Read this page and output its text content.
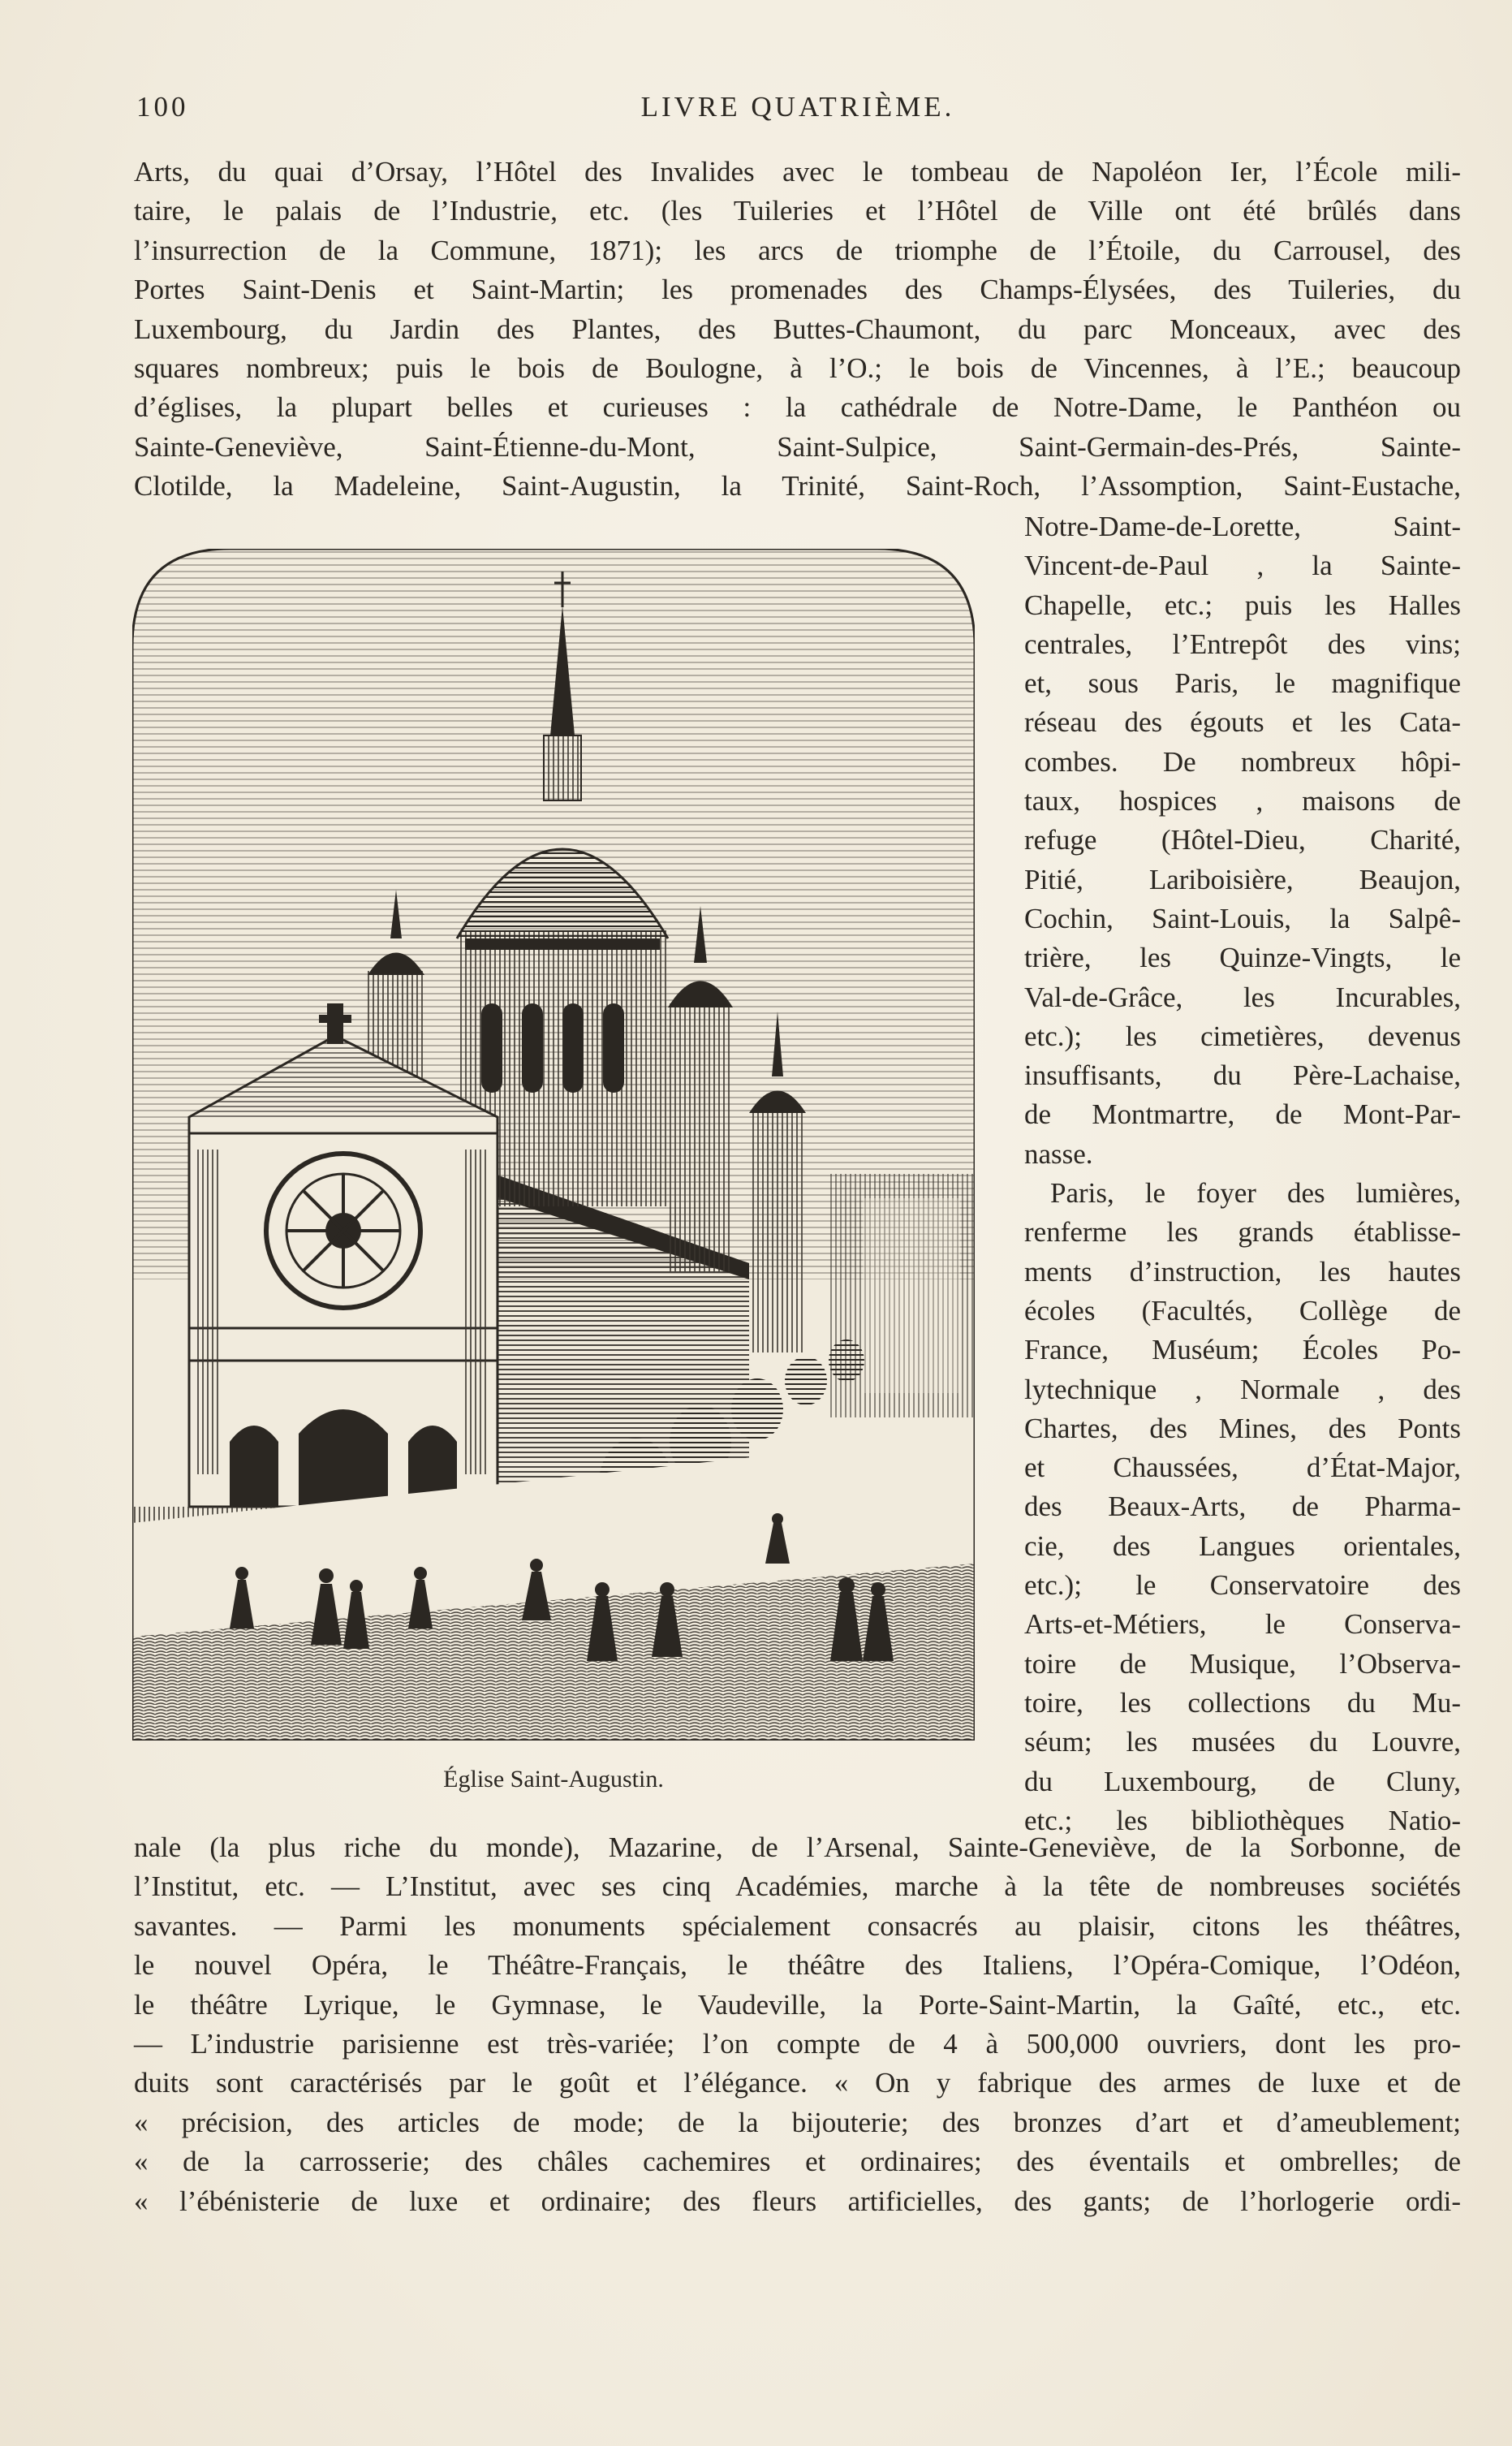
100	LIVRE QUATRIÈME.
Arts, du quai d’Orsay, l’Hôtel des Invalides avec le tombeau de Napoléon Ier, l’École mili-
taire, le palais de l’Industrie, etc. (les Tuileries et l’Hôtel de Ville ont été brûlés dans
l’insurrection de la Commune, 1871); les arcs de triomphe de l’Étoile, du Carrousel, des
Portes Saint-Denis et Saint-Martin; les promenades des Champs-Élysées, des Tuileries, du
Luxembourg, du Jardin des Plantes, des Buttes-Chaumont, du parc Monceaux, avec des
squares nombreux; puis le bois de Boulogne, à l’O.; le bois de Vincennes, à l’E.; beaucoup
d’églises, la plupart belles et curieuses : la cathédrale de Notre-Dame, le Panthéon ou
Sainte-Geneviève, Saint-Étienne-du-Mont, Saint-Sulpice, Saint-Germain-des-Prés, Sainte-
Clotilde, la Madeleine, Saint-Augustin, la Trinité, Saint-Roch, l’Assomption, Saint-Eustache,
Église Saint-Augustin.
Notre-Dame-de-Lorette, Saint-
Vincent-de-Paul , la Sainte-
Chapelle, etc.; puis les Halles
centrales, l’Entrepôt des vins;
et, sous Paris, le magnifique
réseau des égouts et les Cata-
combes. De nombreux hôpi-
taux, hospices , maisons de
refuge (Hôtel-Dieu, Charité,
Pitié, Lariboisière, Beaujon,
Cochin, Saint-Louis, la Salpê-
trière, les Quinze-Vingts, le
Val-de-Grâce, les Incurables,
etc.); les cimetières, devenus
insuffisants, du Père-Lachaise,
de Montmartre, de Mont-Par-
nasse.
Paris, le foyer des lumières,
renferme les grands établisse-
ments d’instruction, les hautes
écoles (Facultés, Collège de
France, Muséum; Écoles Po-
lytechnique , Normale , des
Chartes, des Mines, des Ponts
et Chaussées, d’État-Major,
des Beaux-Arts, de Pharma-
cie, des Langues orientales,
etc.); le Conservatoire des
Arts-et-Métiers, le Conserva-
toire de Musique, l’Observa-
toire, les collections du Mu-
séum; les musées du Louvre,
du Luxembourg, de Cluny,
etc.; les bibliothèques Natio-
nale (la plus riche du monde), Mazarine, de l’Arsenal, Sainte-Geneviève, de la Sorbonne, de
l’Institut, etc. — L’Institut, avec ses cinq Académies, marche à la tête de nombreuses sociétés
savantes. — Parmi les monuments spécialement consacrés au plaisir, citons les théâtres,
le nouvel Opéra, le Théâtre-Français, le théâtre des Italiens, l’Opéra-Comique, l’Odéon,
le théâtre Lyrique, le Gymnase, le Vaudeville, la Porte-Saint-Martin, la Gaîté, etc., etc.
— L’industrie parisienne est très-variée; l’on compte de 4 à 500,000 ouvriers, dont les pro-
duits sont caractérisés par le goût et l’élégance. « On y fabrique des armes de luxe et de
« précision, des articles de mode; de la bijouterie; des bronzes d’art et d’ameublement;
« de la carrosserie; des châles cachemires et ordinaires; des éventails et ombrelles; de
« l’ébénisterie de luxe et ordinaire; des fleurs artificielles, des gants; de l’horlogerie ordi-
